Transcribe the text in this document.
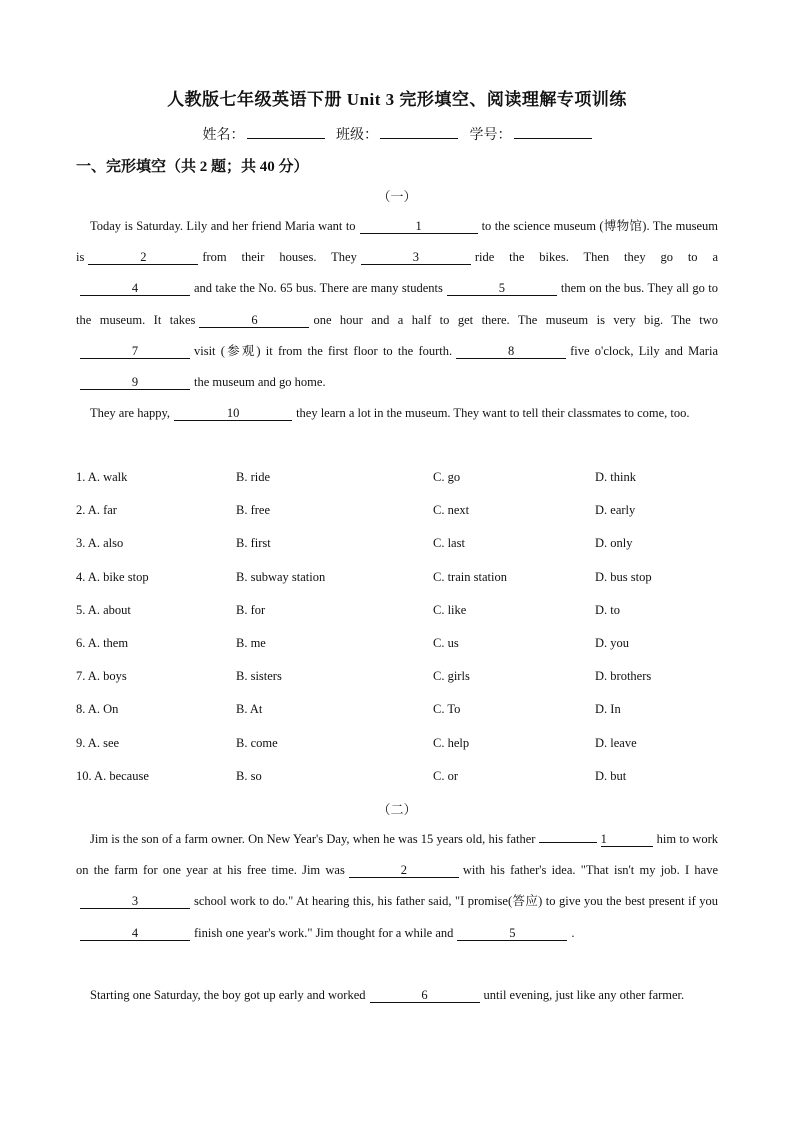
人教版七年级英语下册 Unit 3 完形填空、阅读理解专项训练
姓名：	班级：	学号：
一、完形填空（共 2 题；共 40 分）
（一）

Today is Saturday. Lily and her friend Maria want to	1	to the science museum (博物馆). The museum is	2	from their houses. They	3	ride the bikes. Then they go to a4	and take the No. 65 bus. There are many students	5	them on the bus. They all go to the museum. It takes	6	one hour and a half to get there. The museum is very big. The two7	visit (参观) it from the first floor to the fourth.	8	five o'clock, Lily and Maria9	the museum and go home.

They are happy,	10	they learn a lot in the museum. They want to tell their classmates to come, too.

1. A. walk	B. ride	C. go	D. think
2. A. far	B. free	C. next	D. early
3. A. also	B. first	C. last	D. only
4. A. bike stop	B. subway station	C. train station	D. bus stop
5. A. about	B. for	C. like	D. to
6. A. them	B. me	C. us	D. you
7. A. boys	B. sisters	C. girls	D. brothers
8. A. On	B. At	C. To	D. In
9. A. see	B. come	C. help	D. leave
10. A. because	B. so	C. or	D. but
（二）

Jim is the son of a farm owner. On New Year's Day, when he was 15 years old, his father	1	him to work on the farm for one year at his free time. Jim was	2	with his father's idea. "That isn't my job. I have3	school work to do." At hearing this, his father said, "I promise(答应) to give you the best present if you4	finish one year's work." Jim thought for a while and	5	.

Starting one Saturday, the boy got up early and worked	6	until evening, just like any other farmer.
